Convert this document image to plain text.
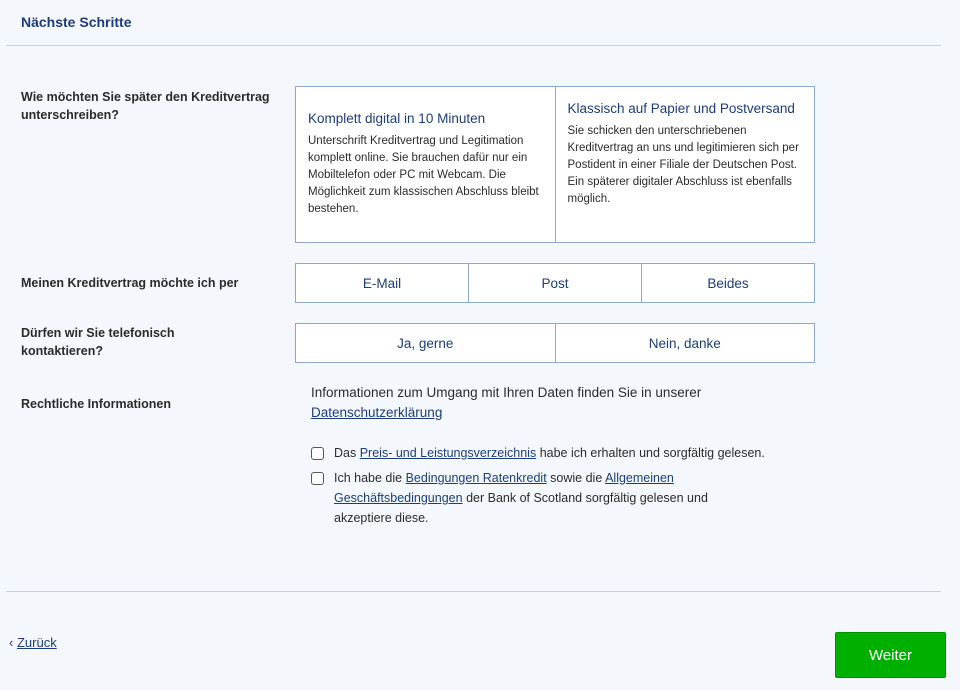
Nächste Schritte
Wie möchten Sie später den Kreditvertrag unterschreiben?	Komplett digital in 10 Minuten

Unterschrift Kreditvertrag und Legitimation komplett online. Sie brauchen dafür nur ein Mobiltelefon oder PC mit Webcam. Die Möglichkeit zum klassischen Abschluss bleibt bestehen.

Klassisch auf Papier und Postversand

Sie schicken den unterschriebenen Kreditvertrag an uns und legitimieren sich per Postident in einer Filiale der Deutschen Post. Ein späterer digitaler Abschluss ist ebenfalls möglich.

Meinen Kreditvertrag möchte ich per	E-Mail	Post	Beides
Dürfen wir Sie telefonisch kontaktieren?
Ja, gerne	Nein, danke
Rechtliche Informationen
Informationen zum Umgang mit Ihren Daten finden Sie in unserer
Datenschutzerklärung
Das Preis- und Leistungsverzeichnis habe ich erhalten und sorgfältig gelesen.
Ich habe die Bedingungen Ratenkredit sowie die Allgemeinen Geschäftsbedingungen der Bank of Scotland sorgfältig gelesen und akzeptiere diese.
‹ Zurück
Weiter
